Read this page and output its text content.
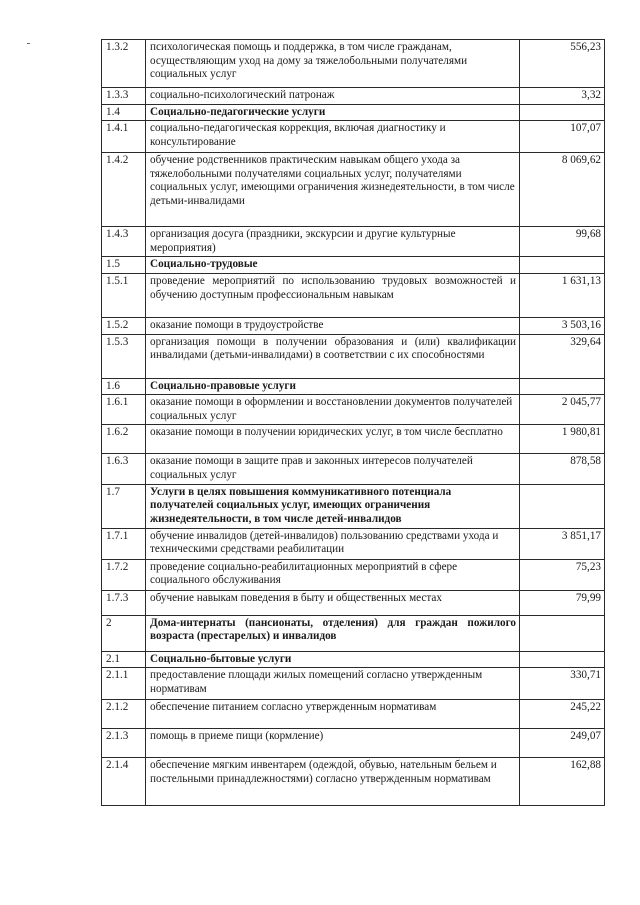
1.3.2	психологическая помощь и поддержка, в том числе гражданам, осуществляющим уход на дому за тяжелобольными получателями социальных услуг	556,23
1.3.3	социально-психологический патронаж	3,32
1.4	Социально-педагогические услуги	
1.4.1	социально-педагогическая коррекция, включая диагностику и консультирование	107,07
1.4.2	обучение родственников практическим навыкам общего ухода за тяжелобольными получателями социальных услуг, получателями социальных услуг, имеющими ограничения жизнедеятельности, в том числе детьми-инвалидами	8 069,62
1.4.3	организация досуга (праздники, экскурсии и другие культурные мероприятия)	99,68
1.5	Социально-трудовые	
1.5.1	проведение мероприятий по использованию трудовых возможностей и обучению доступным профессиональным навыкам	1 631,13
1.5.2	оказание помощи в трудоустройстве	3 503,16
1.5.3	организация помощи в получении образования и (или) квалификации инвалидами (детьми-инвалидами) в соответствии с их способностями	329,64
1.6	Социально-правовые услуги	
1.6.1	оказание помощи в оформлении и восстановлении документов получателей социальных услуг	2 045,77
1.6.2	оказание помощи в получении юридических услуг, в том числе бесплатно	1 980,81
1.6.3	оказание помощи в защите прав и законных интересов получателей социальных услуг	878,58
1.7	Услуги в целях повышения коммуникативного потенциала получателей социальных услуг, имеющих ограничения жизнедеятельности, в том числе детей-инвалидов	
1.7.1	обучение инвалидов (детей-инвалидов) пользованию средствами ухода и техническими средствами реабилитации	3 851,17
1.7.2	проведение социально-реабилитационных мероприятий в сфере социального обслуживания	75,23
1.7.3	обучение навыкам поведения в быту и общественных местах	79,99
2	Дома-интернаты (пансионаты, отделения) для граждан пожилого возраста (престарелых) и инвалидов	
2.1	Социально-бытовые услуги	
2.1.1	предоставление площади жилых помещений согласно утвержденным нормативам	330,71
2.1.2	обеспечение питанием согласно утвержденным нормативам	245,22
2.1.3	помощь в приеме пищи (кормление)	249,07
2.1.4	обеспечение мягким инвентарем (одеждой, обувью, нательным бельем и постельными принадлежностями) согласно утвержденным нормативам	162,88
